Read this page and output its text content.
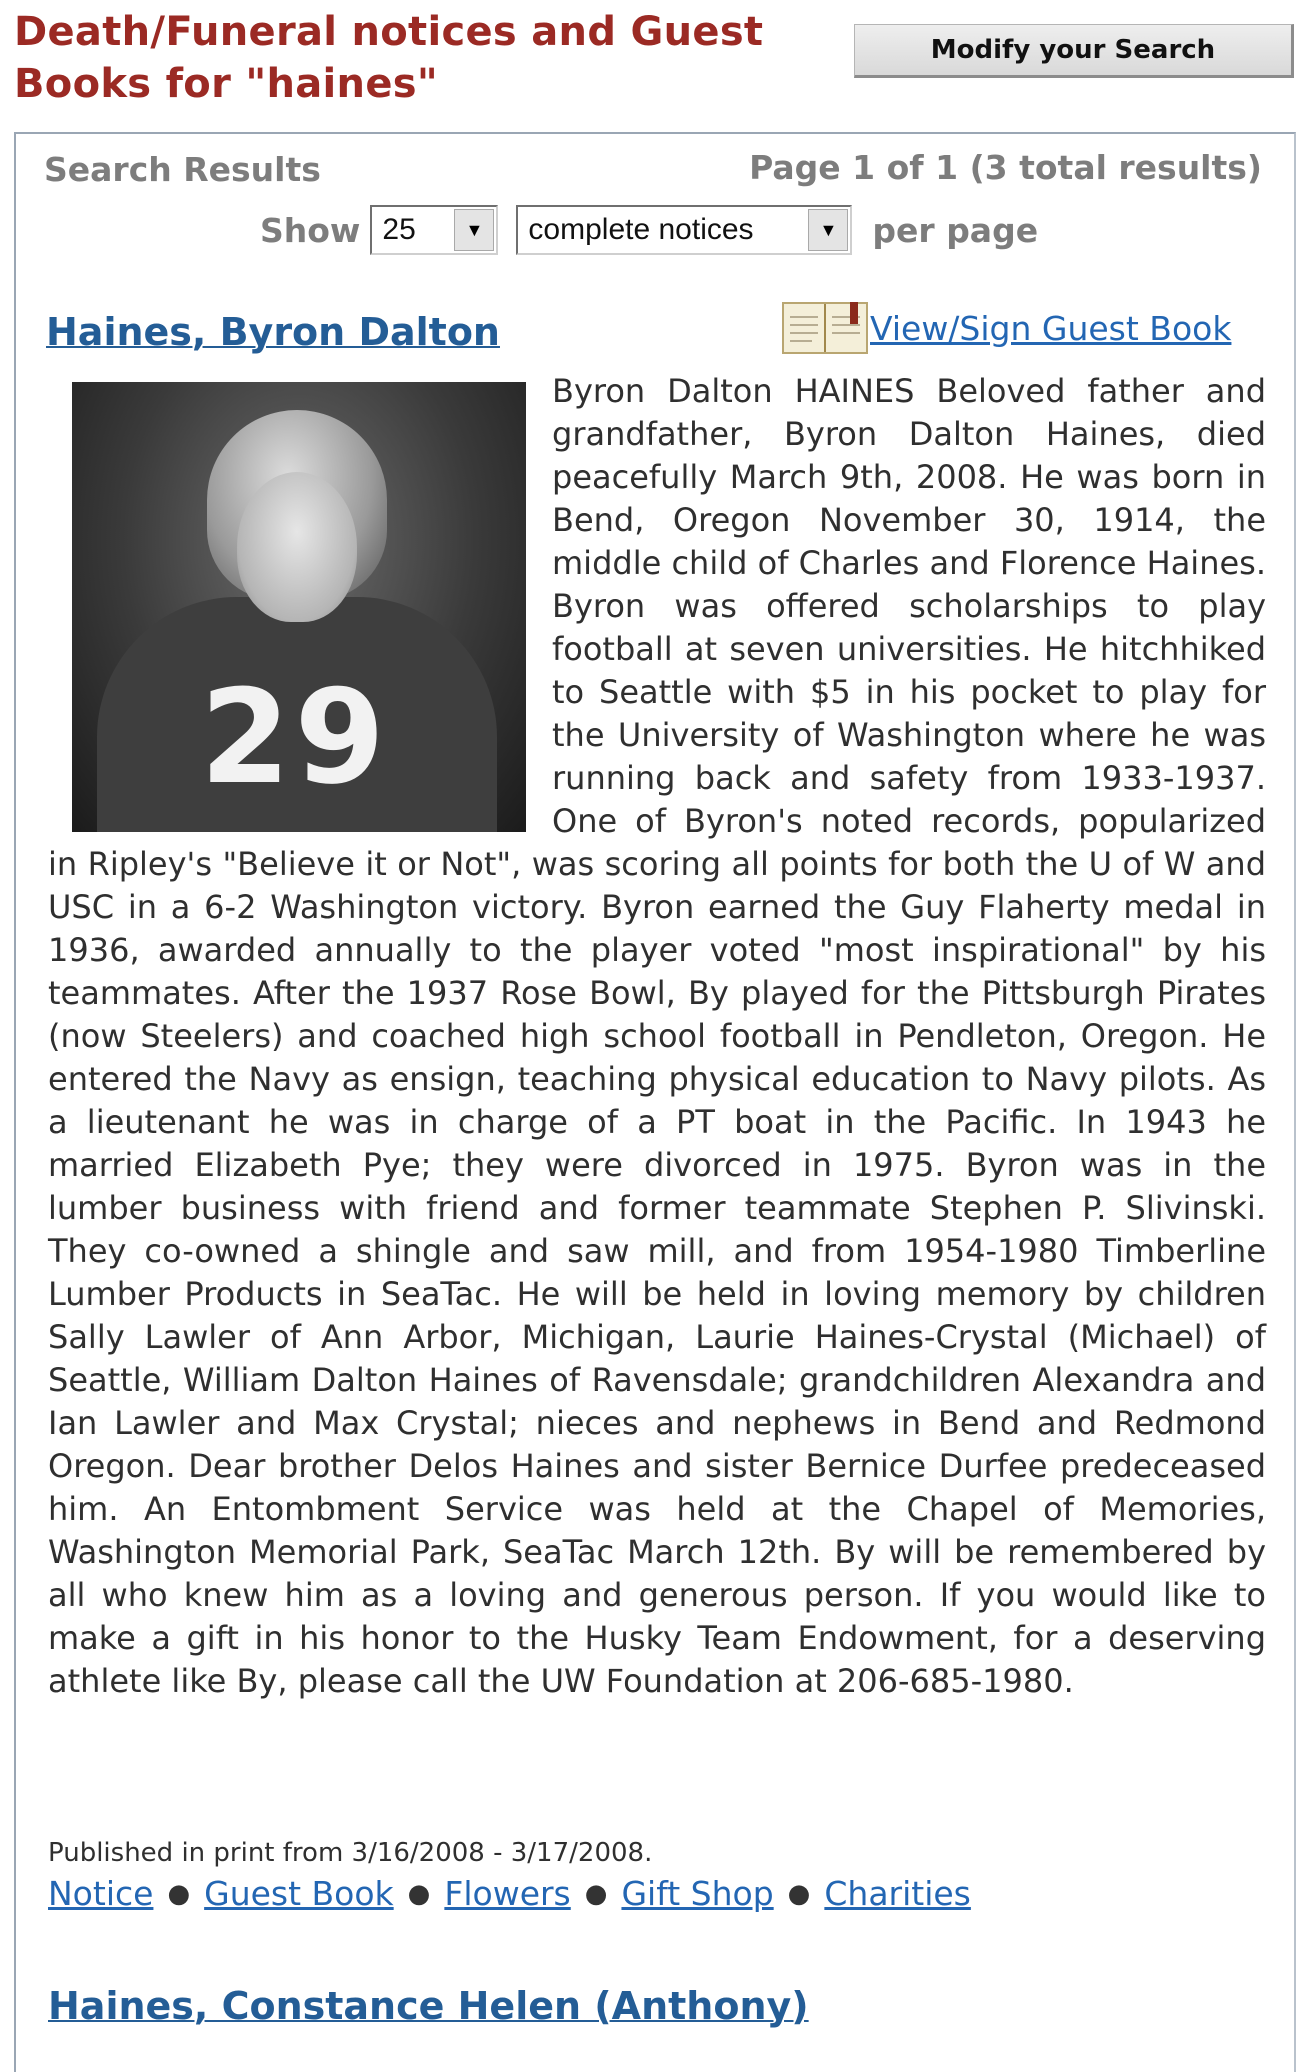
Death/Funeral notices and Guest
Books for "haines"
Modify your Search
Search Results	Page 1 of 1 (3 total results)
Show 25	▼	complete notices	▼	per page
Haines, Byron Dalton	View/Sign Guest Book
29
Byron Dalton HAINES Beloved father and grandfather, Byron Dalton Haines, died peacefully March 9th, 2008. He was born in Bend, Oregon November 30, 1914, the middle child of Charles and Florence Haines. Byron was offered scholarships to play football at seven universities. He hitchhiked to Seattle with $5 in his pocket to play for the University of Washington where he was running back and safety from 1933-1937. One of Byron's noted records, popularized in Ripley's "Believe it or Not", was scoring all points for both the U of W and USC in a 6-2 Washington victory. Byron earned the Guy Flaherty medal in 1936, awarded annually to the player voted "most inspirational" by his teammates. After the 1937 Rose Bowl, By played for the Pittsburgh Pirates (now Steelers) and coached high school football in Pendleton, Oregon. He entered the Navy as ensign, teaching physical education to Navy pilots. As a lieutenant he was in charge of a PT boat in the Pacific. In 1943 he married Elizabeth Pye; they were divorced in 1975. Byron was in the lumber business with friend and former teammate Stephen P. Slivinski. They co-owned a shingle and saw mill, and from 1954-1980 Timberline Lumber Products in SeaTac. He will be held in loving memory by children Sally Lawler of Ann Arbor, Michigan, Laurie Haines-Crystal (Michael) of Seattle, William Dalton Haines of Ravensdale; grandchildren Alexandra and Ian Lawler and Max Crystal; nieces and nephews in Bend and Redmond Oregon. Dear brother Delos Haines and sister Bernice Durfee predeceased him. An Entombment Service was held at the Chapel of Memories, Washington Memorial Park, SeaTac March 12th. By will be remembered by all who knew him as a loving and generous person. If you would like to make a gift in his honor to the Husky Team Endowment, for a deserving athlete like By, please call the UW Foundation at 206-685-1980.
Published in print from 3/16/2008 - 3/17/2008.
Notice ● Guest Book ● Flowers ● Gift Shop ● Charities
Haines, Constance Helen (Anthony)
